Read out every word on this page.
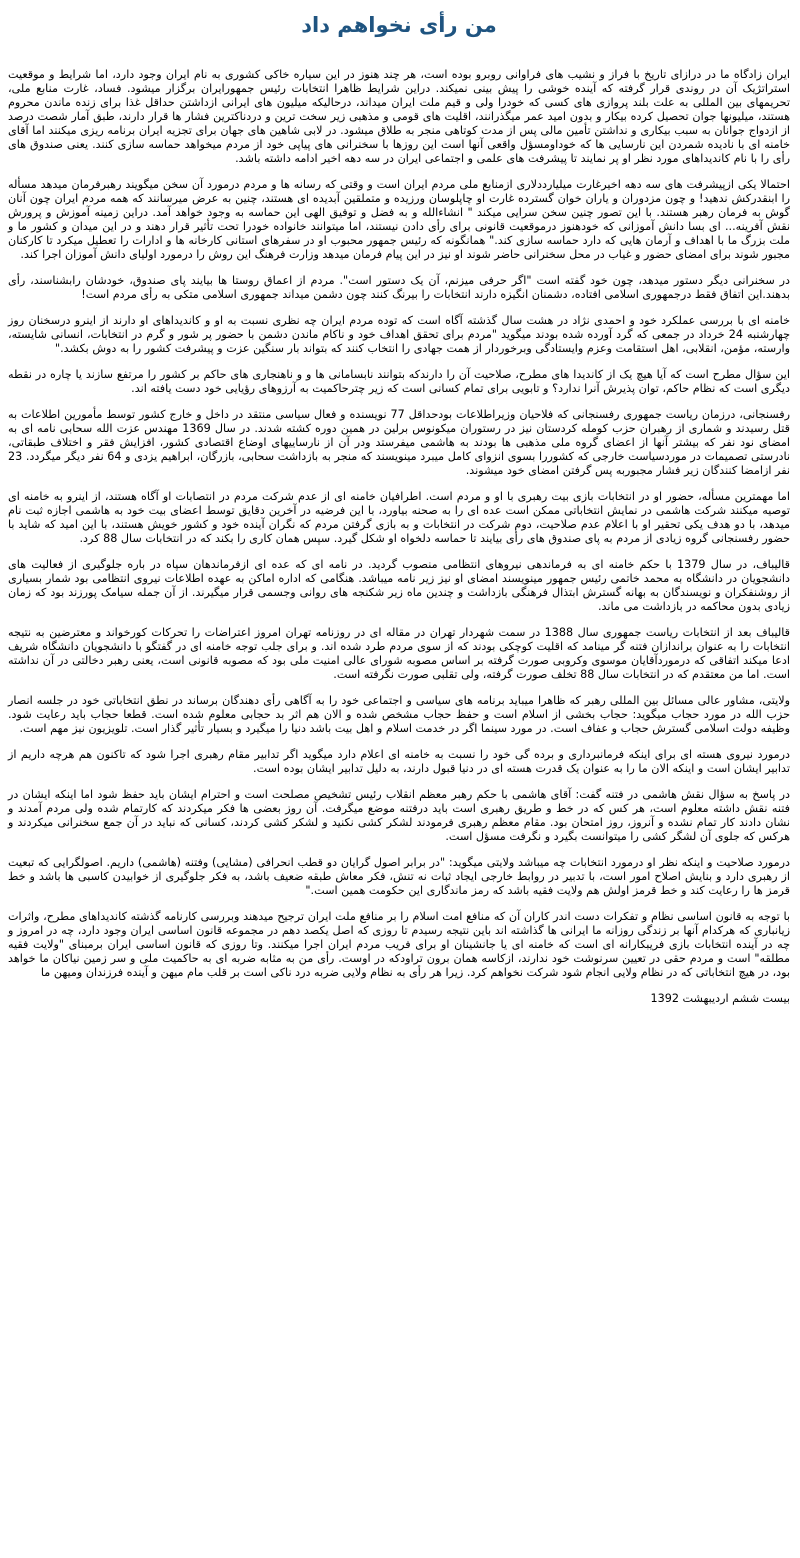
من رأی نخواهم داد

ایران زادگاه ما در درازای تاریخ با فراز و نشیب های فراوانی روبرو بوده است، هر چند هنوز در این سیاره خاکی کشوری به نام ایران وجود دارد، اما شرایط و موقعیت استراتژیک آن در روندی قرار گرفته که آینده خوشی را پیش بینی نمیکند. دراین شرایط ظاهرا انتخابات رئیس جمهورایران برگزار میشود. فساد، غارت منابع ملی، تحریمهای بین المللی به علت بلند پروازی های کسی که خودرا ولی و قیم ملت ایران میداند، درحالیکه میلیون های ایرانی ازداشتن حداقل غذا برای زنده ماندن محروم هستند، میلیونها جوان تحصیل کرده بیکار و بدون امید عمر میگذرانند، اقلیت های قومی و مذهبی زیر سخت ترین و دردناکترین فشار ها قرار دارند، طبق آمار شصت درصد از ازدواج جوانان به سبب بیکاری و نداشتن تأمین مالی پس از مدت کوتاهی منجر به طلاق میشود. در لابی شاهین های جهان برای تجزیه ایران برنامه ریزی میکنند اما آقای خامنه ای با نادیده شمردن این نارسایی ها که خوداومسؤل واقعی آنها است این روزها با سخنرانی های پیاپی خود از مردم میخواهد حماسه سازی کنند. یعنی صندوق های رأی را با نام کاندیداهای مورد نظر او پر نمایند تا پیشرفت های علمی و اجتماعی ایران در سه دهه اخیر ادامه داشته باشد.

احتمالا یکی ازپیشرفت های سه دهه اخیرغارت میلیارددلاری ازمنابع ملی مردم ایران است و وقتی که رسانه ها و مردم درمورد آن سخن میگویند رهبرفرمان میدهد مسأله را ابنقدرکش ندهید! و چون مزدوران و یاران خوان گسترده غارت او چاپلوسان ورزیده و متملقین آبدیده ای هستند، چنین به عرض میرسانند که همه مردم ایران چون آنان گوش به فرمان رهبر هستند. با این تصور چنین سخن سرایی میکند " انشاءالله و به فضل و توفیق الهی این حماسه به وجود خواهد آمد. دراین زمینه آموزش و پرورش نقش آفرینه... ای بسا دانش آموزانی که خودهنوز درموقعیت قانونی برای رأی دادن نیستند، اما میتوانند خانواده خودرا تحت تأثیر قرار دهند و در این میدان و کشور ما و ملت بزرگ ما با اهداف و آرمان هایی که دارد حماسه سازی کند." همانگونه که رئیس جمهور محبوب او در سفرهای استانی کارخانه ها و ادارات را تعطیل میکرد تا کارکنان مجبور شوند برای امضای حضور و غیاب در محل سخنرانی حاضر شوند او نیز در این پیام فرمان میدهد وزارت فرهنگ این روش را درمورد اولیای دانش آموزان اجرا کند.

در سخنرانی دیگر دستور میدهد، چون خود گفته است "اگر حرفی میزنم، آن یک دستور است". مردم از اعماق روستا ها بیایند پای صندوق، خودشان رابشناسند، رأی بدهند.این اتفاق فقط درجمهوری اسلامی افتاده، دشمنان انگیزه دارند انتخابات را بیرنگ کنند چون دشمن میداند جمهوری اسلامی متکی به رأی مردم است!

خامنه ای با بررسی عملکرد خود و احمدی نژاد در هشت سال گذشته آگاه است که توده مردم ایران چه نظری نسبت به او و کاندیداهای او دارند از اینرو درسخنان روز چهارشنبه 24 خرداد در جمعی که گرد آورده شده بودند میگوید "مردم برای تحقق اهداف خود و ناکام ماندن دشمن با حضور پر شور و گرم در انتخابات، انسانی شایسته، وارسته، مؤمن، انقلابی، اهل استقامت وعزم وایستادگی وبرخوردار از همت جهادی را انتخاب کنند که بتواند بار سنگین عزت و پیشرفت کشور را به دوش بکشد."

این سؤال مطرح است که آیا هیچ یک از کاندیدا های مطرح، صلاحیت آن را دارندکه بتوانند نابسامانی ها و و ناهنجاری های حاکم بر کشور را مرتفع سازند یا چاره در نقطه دیگری است که نظام حاکم، توان پذیرش آنرا ندارد؟ و تابویی برای تمام کسانی است که زیر چترحاکمیت به آرزوهای رؤیایی خود دست یافته اند.

رفسنجانی، درزمان ریاست جمهوری رفسنجانی که فلاحیان وزیراطلاعات بودحداقل 77 نویسنده و فعال سیاسی منتقد در داخل و خارج کشور توسط مأمورین اطلاعات به قتل رسیدند و شماری از رهبران حزب کومله کردستان نیز در رستوران میکونوس برلین در همین دوره کشته شدند. در سال 1369 مهندس عزت الله سحابی نامه ای به امضای نود نفر که بیشتر آنها از اعضای گروه ملی مذهبی ها بودند به هاشمی میفرستد ودر آن از نارساییهای اوضاع اقتصادی کشور، افزایش فقر و اختلاف طبقاتی، نادرستی تصمیمات در موردسیاست خارجی که کشوررا بسوی انزوای کامل میبرد مینویسند که منجر به بازداشت سحابی، بازرگان، ابراهیم یزدی و 64 نفر دیگر میگردد. 23 نفر ازامضا کنندگان زیر فشار مجبوربه پس گرفتن امضای خود میشوند.

اما مهمترین مسأله، حضور او در انتخابات بازی بیت رهبری با او و مردم است. اطرافیان خامنه ای از عدم شرکت مردم در انتصابات او آگاه هستند، از اینرو به خامنه ای توصیه میکنند شرکت هاشمی در نمایش انتخاباتی ممکن است عده ای را به صحنه بیاورد، با این فرضیه در آخرین دقایق توسط اعضای بیت خود به هاشمی اجازه ثبت نام میدهد، با دو هدف یکی تحقیر او با اعلام عدم صلاحیت، دوم شرکت در انتخابات و به بازی گرفتن مردم که نگران آینده خود و کشور خویش هستند، با این امید که شاید با حضور رفسنجانی گروه زیادی از مردم به پای صندوق های رأی بیایند تا حماسه دلخواه او شکل گیرد. سپس همان کاری را بکند که در انتخابات سال 88 کرد.

قالیباف، در سال 1379 با حکم خامنه ای به فرماندهی نیروهای انتظامی منصوب گردید. در نامه ای که عده ای ازفرماندهان سپاه در باره جلوگیری از فعالیت های دانشجویان در دانشگاه به محمد خاتمی رئیس جمهور مینویسند امضای او نیز زیر نامه میباشد. هنگامی که اداره اماکن به عهده اطلاعات نیروی انتظامی بود شمار بسیاری از روشنفکران و نویسندگان به بهانه گسترش ابتذال فرهنگی بازداشت و چندین ماه زیر شکنجه های روانی وجسمی قرار میگیرند. از آن جمله سیامک پورزند بود که زمان زیادی بدون محاکمه در بازداشت می ماند.

قالیباف بعد از انتخابات ریاست جمهوری سال 1388 در سمت شهردار تهران در مقاله ای در روزنامه تهران امروز اعتراضات را تحرکات کورخواند و معترضین به نتیجه انتخابات را به عنوان براندازان فتنه گر مینامد که اقلیت کوچکی بودند که از سوی مردم طرد شده اند. و برای جلب توجه خامنه ای در گفتگو با دانشجویان دانشگاه شریف ادعا میکند اتفاقی که درموردآقایان موسوی وکروبی صورت گرفته بر اساس مصوبه شورای عالی امنیت ملی بود که مصوبه قانونی است، یعنی رهبر دخالتی در آن نداشته است. اما من معتقدم که در انتخابات سال 88 تخلف صورت گرفته، ولی تقلبی صورت نگرفته است.

ولایتی، مشاور عالی مسائل بین المللی رهبر که ظاهرا میباید برنامه های سیاسی و اجتماعی خود را به آگاهی رأی دهندگان برساند در نطق انتخاباتی خود در جلسه انصار حزب الله در مورد حجاب میگوید: حجاب بخشی از اسلام است و حفظ حجاب مشخص شده و الان هم اثر بد حجابی معلوم شده است. قطعا حجاب باید رعایت شود. وظیفه دولت اسلامی گسترش حجاب و عفاف است. در مورد سینما اگر در خدمت اسلام و اهل بیت باشد دنیا را میگیرد و بسیار تأثیر گذار است. تلویزیون نیز مهم است.

درمورد نیروی هسته ای برای اینکه فرمانبرداری و برده گی خود را نسبت به خامنه ای اعلام دارد میگوید اگر تدابیر مقام رهبری اجرا شود که تاکنون هم هرچه داریم از تدابیر ایشان است و اینکه الان ما را به عنوان یک قدرت هسته ای در دنیا قبول دارند، به دلیل تدابیر ایشان بوده است.

در پاسخ به سؤال نقش هاشمی در فتنه گفت: آقای هاشمی با حکم رهبر معظم انقلاب رئیس تشخیص مصلحت است و احترام ایشان باید حفظ شود اما اینکه ایشان در فتنه نقش داشته معلوم است، هر کس که در خط و طریق رهبری است باید درفتنه موضع میگرفت. آن روز بعضی ها فکر میکردند که کارتمام شده ولی مردم آمدند و نشان دادند کار تمام نشده و آنروز، روز امتحان بود. مقام معظم رهبری فرمودند لشکر کشی نکنید و لشکر کشی کردند، کسانی که نباید در آن جمع سخنرانی میکردند و هرکس که جلوی آن لشگر کشی را میتوانست بگیرد و نگرفت مسؤل است.

درمورد صلاحیت و اینکه نظر او درمورد انتخابات چه میباشد ولایتی میگوید: "در برابر اصول گرایان دو قطب انحرافی (مشایی) وفتنه (هاشمی) داریم. اصولگرایی که تبعیت از رهبری دارد و بنایش اصلاح امور است، با تدبیر در روابط خارجی ایجاد ثبات نه تنش، فکر معاش طبقه ضعیف باشد، به فکر جلوگیری از خوابیدن کاسبی ها باشد و خط قرمز ها را رعایت کند و خط قرمز اولش هم ولایت فقیه باشد که رمز ماندگاری این حکومت همین است."

با توجه به قانون اساسی نظام و تفکرات دست اندر کاران آن که منافع امت اسلام را بر منافع ملت ایران ترجیح میدهند وبررسی کارنامه گذشته کاندیداهای مطرح، واثرات زیانباری که هرکدام آنها بر زندگی روزانه ما ایرانی ها گذاشته اند باین نتیجه رسیدم تا روزی که اصل یکصد دهم در مجموعه قانون اساسی ایران وجود دارد، چه در امروز و چه در آینده انتخابات بازی فریبکارانه ای است که خامنه ای یا جانشینان او برای فریب مردم ایران اجرا میکنند. وتا روزی که قانون اساسی ایران برمبنای "ولایت فقیه مطلقه" است و مردم حقی در تعیین سرنوشت خود ندارند، ازکاسه همان برون تراودکه در اوست. رأی من به مثابه ضربه ای به حاکمیت ملی و سر زمین نیاکان ما خواهد بود، در هیچ انتخاباتی که در نظام ولایی انجام شود شرکت نخواهم کرد. زیرا هر رأی به نظام ولایی ضربه درد ناکی است بر قلب مام میهن و آینده فرزندان ومیهن ما

بیست ششم اردیبهشت 1392
